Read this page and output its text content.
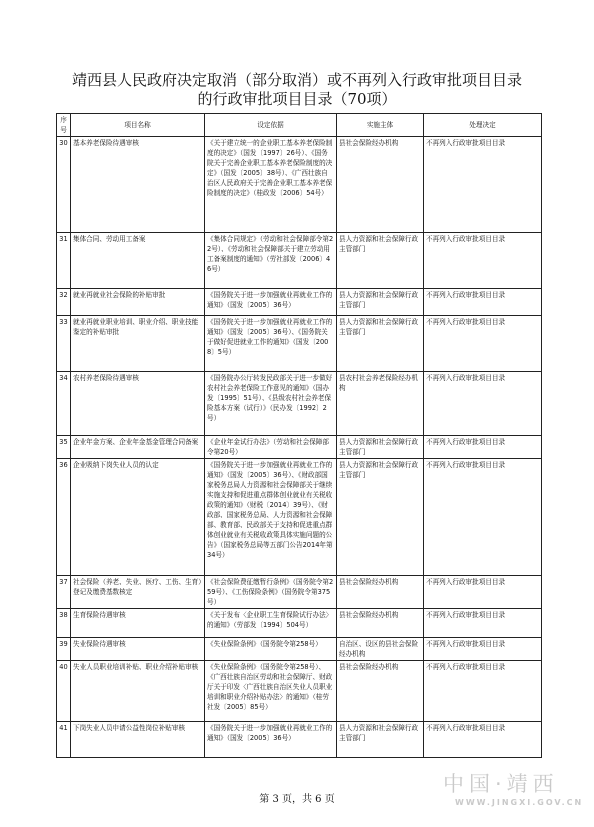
靖西县人民政府决定取消（部分取消）或不再列入行政审批项目目录
的行政审批项目目录（70项）
序号	项目名称	设定依据	实施主体	处理决定
30	基本养老保险待遇审核	《关于建立统一的企业职工基本养老保险制度的决定》（国发〔1997〕26号）、《国务院关于完善企业职工基本养老保险制度的决定》（国发〔2005〕38号）、《广西壮族自治区人民政府关于完善企业职工基本养老保险制度的决定》（桂政发〔2006〕54号）	县社会保险经办机构	不再列入行政审批项目目录
31	集体合同、劳动用工备案	《集体合同规定》（劳动和社会保障部令第22号）、《劳动和社会保障部关于建立劳动用工备案制度的通知》（劳社部发〔2006〕46号）	县人力资源和社会保障行政主管部门	不再列入行政审批项目目录
32	就业再就业社会保险的补贴审批	《国务院关于进一步加强就业再就业工作的通知》（国发〔2005〕36号）	县人力资源和社会保障行政主管部门	不再列入行政审批项目目录
33	就业再就业职业培训、职业介绍、职业技能鉴定的补贴审批	《国务院关于进一步加强就业再就业工作的通知》（国发〔2005〕36号）、《国务院关于做好促进就业工作的通知》（国发〔2008〕5号）	县人力资源和社会保障行政主管部门	不再列入行政审批项目目录
34	农村养老保险待遇审核	《国务院办公厅转发民政部关于进一步做好农村社会养老保险工作意见的通知》（国办发〔1995〕51号）、《县级农村社会养老保险基本方案（试行）》（民办发〔1992〕2号）	县农村社会养老保险经办机构	不再列入行政审批项目目录
35	企业年金方案、企业年金基金管理合同备案	《企业年金试行办法》（劳动和社会保障部令第20号）	县人力资源和社会保障行政主管部门	不再列入行政审批项目目录
36	企业吸纳下岗失业人员的认定	《国务院关于进一步加强就业再就业工作的通知》（国发〔2005〕36号）、《财政部国家税务总局人力资源和社会保障部关于继续实施支持和促进重点群体创业就业有关税收政策的通知》（财税〔2014〕39号）、《财政部、国家税务总局、人力资源和社会保障部、教育部、民政部关于支持和促进重点群体创业就业有关税收政策具体实施问题的公告》（国家税务总局等五部门公告2014年第34号）	县人力资源和社会保障行政主管部门	不再列入行政审批项目目录
37	社会保险（养老、失业、医疗、工伤、生育）登记及缴费基数核定	《社会保险费征缴暂行条例》（国务院令第259号）、《工伤保险条例》（国务院令第375号）	县社会保险经办机构	不再列入行政审批项目目录
38	生育保险待遇审核	《关于发布〈企业职工生育保险试行办法〉的通知》（劳部发〔1994〕504号）	县社会保险经办机构	不再列入行政审批项目目录
39	失业保险待遇审核	《失业保险条例》（国务院令第258号）	自治区、设区的县社会保险经办机构	不再列入行政审批项目目录
40	失业人员职业培训补贴、职业介绍补贴审核	《失业保险条例》（国务院令第258号）、《广西壮族自治区劳动和社会保障厅、财政厅关于印发〈广西壮族自治区失业人员职业培训和职业介绍补贴办法〉的通知》（桂劳社发〔2005〕85号）	县社会保险经办机构	不再列入行政审批项目目录
41	下岗失业人员申请公益性岗位补贴审核	《国务院关于进一步加强就业再就业工作的通知》（国发〔2005〕36号）	县人力资源和社会保障行政主管部门	不再列入行政审批项目目录
中国·靖西
WWW.JINGXI.GOV.CN
第 3 页，共 6 页
